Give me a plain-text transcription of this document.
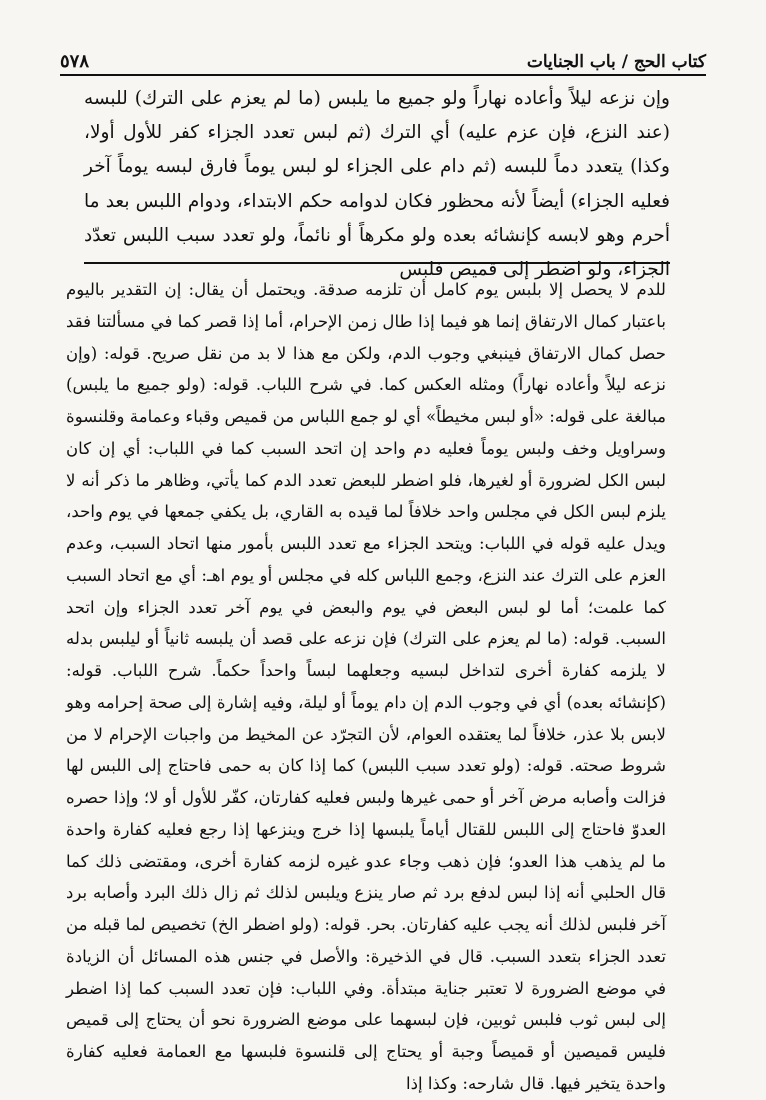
كتاب الحج / باب الجنايات
٥٧٨

وإن نزعه ليلاً وأعاده نهاراً ولو جميع ما يلبس (ما لم يعزم على الترك) للبسه (عند النزع، فإن عزم عليه) أي الترك (ثم لبس تعدد الجزاء كفر للأول أولا، وكذا) يتعدد دماً للبسه (ثم دام على الجزاء لو لبس يوماً فارق لبسه يوماً آخر فعليه الجزاء) أيضاً لأنه محظور فكان لدوامه حكم الابتداء، ودوام اللبس بعد ما أحرم وهو لابسه كإنشائه بعده ولو مكرهاً أو نائماً، ولو تعدد سبب اللبس تعدّد الجزاء، ولو اضطر إلى قميص فلبس

للدم لا يحصل إلا بلبس يوم كامل أن تلزمه صدقة. ويحتمل أن يقال: إن التقدير باليوم باعتبار كمال الارتفاق إنما هو فيما إذا طال زمن الإحرام، أما إذا قصر كما في مسألتنا فقد حصل كمال الارتفاق فينبغي وجوب الدم، ولكن مع هذا لا بد من نقل صريح. قوله: (وإن نزعه ليلاً وأعاده نهاراً) ومثله العكس كما. في شرح اللباب. قوله: (ولو جميع ما يلبس) مبالغة على قوله: «أو لبس مخيطاً» أي لو جمع اللباس من قميص وقباء وعمامة وقلنسوة وسراويل وخف ولبس يوماً فعليه دم واحد إن اتحد السبب كما في اللباب: أي إن كان لبس الكل لضرورة أو لغيرها، فلو اضطر للبعض تعدد الدم كما يأتي، وظاهر ما ذكر أنه لا يلزم لبس الكل في مجلس واحد خلافاً لما قيده به القاري، بل يكفي جمعها في يوم واحد، ويدل عليه قوله في اللباب: ويتحد الجزاء مع تعدد اللبس بأمور منها اتحاد السبب، وعدم العزم على الترك عند النزع، وجمع اللباس كله في مجلس أو يوم اهـ: أي مع اتحاد السبب كما علمت؛ أما لو لبس البعض في يوم والبعض في يوم آخر تعدد الجزاء وإن اتحد السبب. قوله: (ما لم يعزم على الترك) فإن نزعه على قصد أن يلبسه ثانياً أو ليلبس بدله لا يلزمه كفارة أخرى لتداخل لبسيه وجعلهما لبساً واحداً حكماً. شرح اللباب. قوله: (كإنشائه بعده) أي في وجوب الدم إن دام يوماً أو ليلة، وفيه إشارة إلى صحة إحرامه وهو لابس بلا عذر، خلافاً لما يعتقده العوام، لأن التجرّد عن المخيط من واجبات الإحرام لا من شروط صحته. قوله: (ولو تعدد سبب اللبس) كما إذا كان به حمى فاحتاج إلى اللبس لها فزالت وأصابه مرض آخر أو حمى غيرها ولبس فعليه كفارتان، كفّر للأول أو لا؛ وإذا حصره العدوّ فاحتاج إلى اللبس للقتال أياماً يلبسها إذا خرج وينزعها إذا رجع فعليه كفارة واحدة ما لم يذهب هذا العدو؛ فإن ذهب وجاء عدو غيره لزمه كفارة أخرى، ومقتضى ذلك كما قال الحلبي أنه إذا لبس لدفع برد ثم صار ينزع ويلبس لذلك ثم زال ذلك البرد وأصابه برد آخر فلبس لذلك أنه يجب عليه كفارتان. بحر. قوله: (ولو اضطر الخ) تخصيص لما قبله من تعدد الجزاء بتعدد السبب. قال في الذخيرة: والأصل في جنس هذه المسائل أن الزيادة في موضع الضرورة لا تعتبر جناية مبتدأة. وفي اللباب: فإن تعدد السبب كما إذا اضطر إلى لبس ثوب فلبس ثوبين، فإن لبسهما على موضع الضرورة نحو أن يحتاج إلى قميص فليس قميصين أو قميصاً وجبة أو يحتاج إلى قلنسوة فلبسها مع العمامة فعليه كفارة واحدة يتخير فيها. قال شارحه: وكذا إذا
